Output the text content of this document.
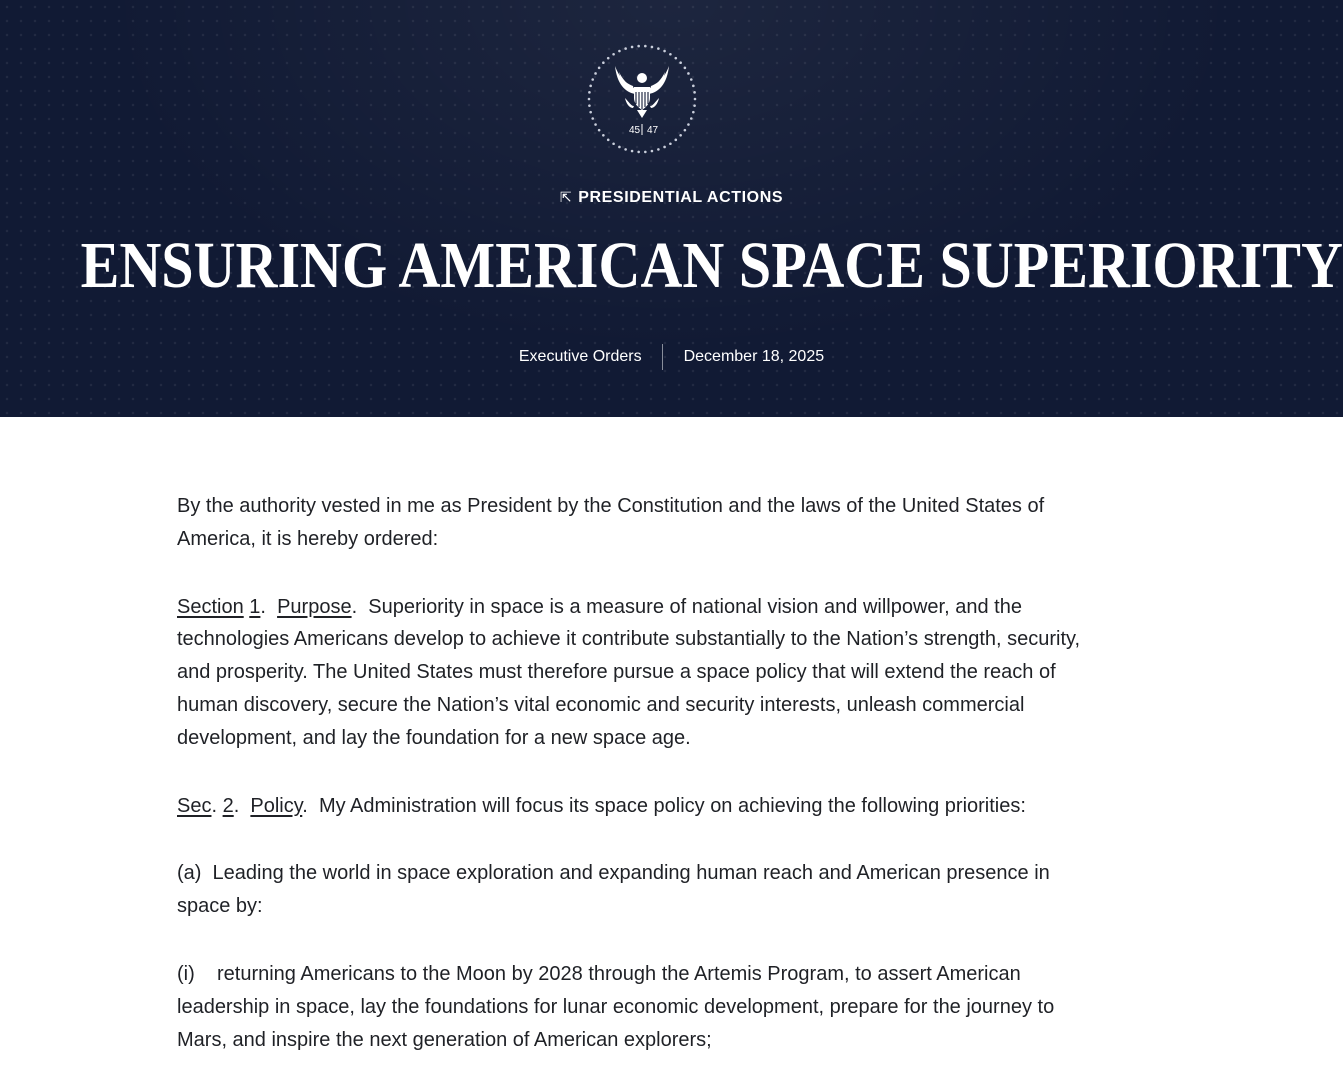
45 47
⇱ PRESIDENTIAL ACTIONS
ENSURING AMERICAN SPACE SUPERIORITY
Executive Orders	December 18, 2025

By the authority vested in me as President by the Constitution and the laws of the United States of America, it is hereby ordered:

Section 1.  Purpose.  Superiority in space is a measure of national vision and willpower, and the technologies Americans develop to achieve it contribute substantially to the Nation’s strength, security, and prosperity. The United States must therefore pursue a space policy that will extend the reach of human discovery, secure the Nation’s vital economic and security interests, unleash commercial development, and lay the foundation for a new space age.

Sec. 2.  Policy.  My Administration will focus its space policy on achieving the following priorities:

(a)  Leading the world in space exploration and expanding human reach and American presence in space by:

(i)    returning Americans to the Moon by 2028 through the Artemis Program, to assert American leadership in space, lay the foundations for lunar economic development, prepare for the journey to Mars, and inspire the next generation of American explorers;
